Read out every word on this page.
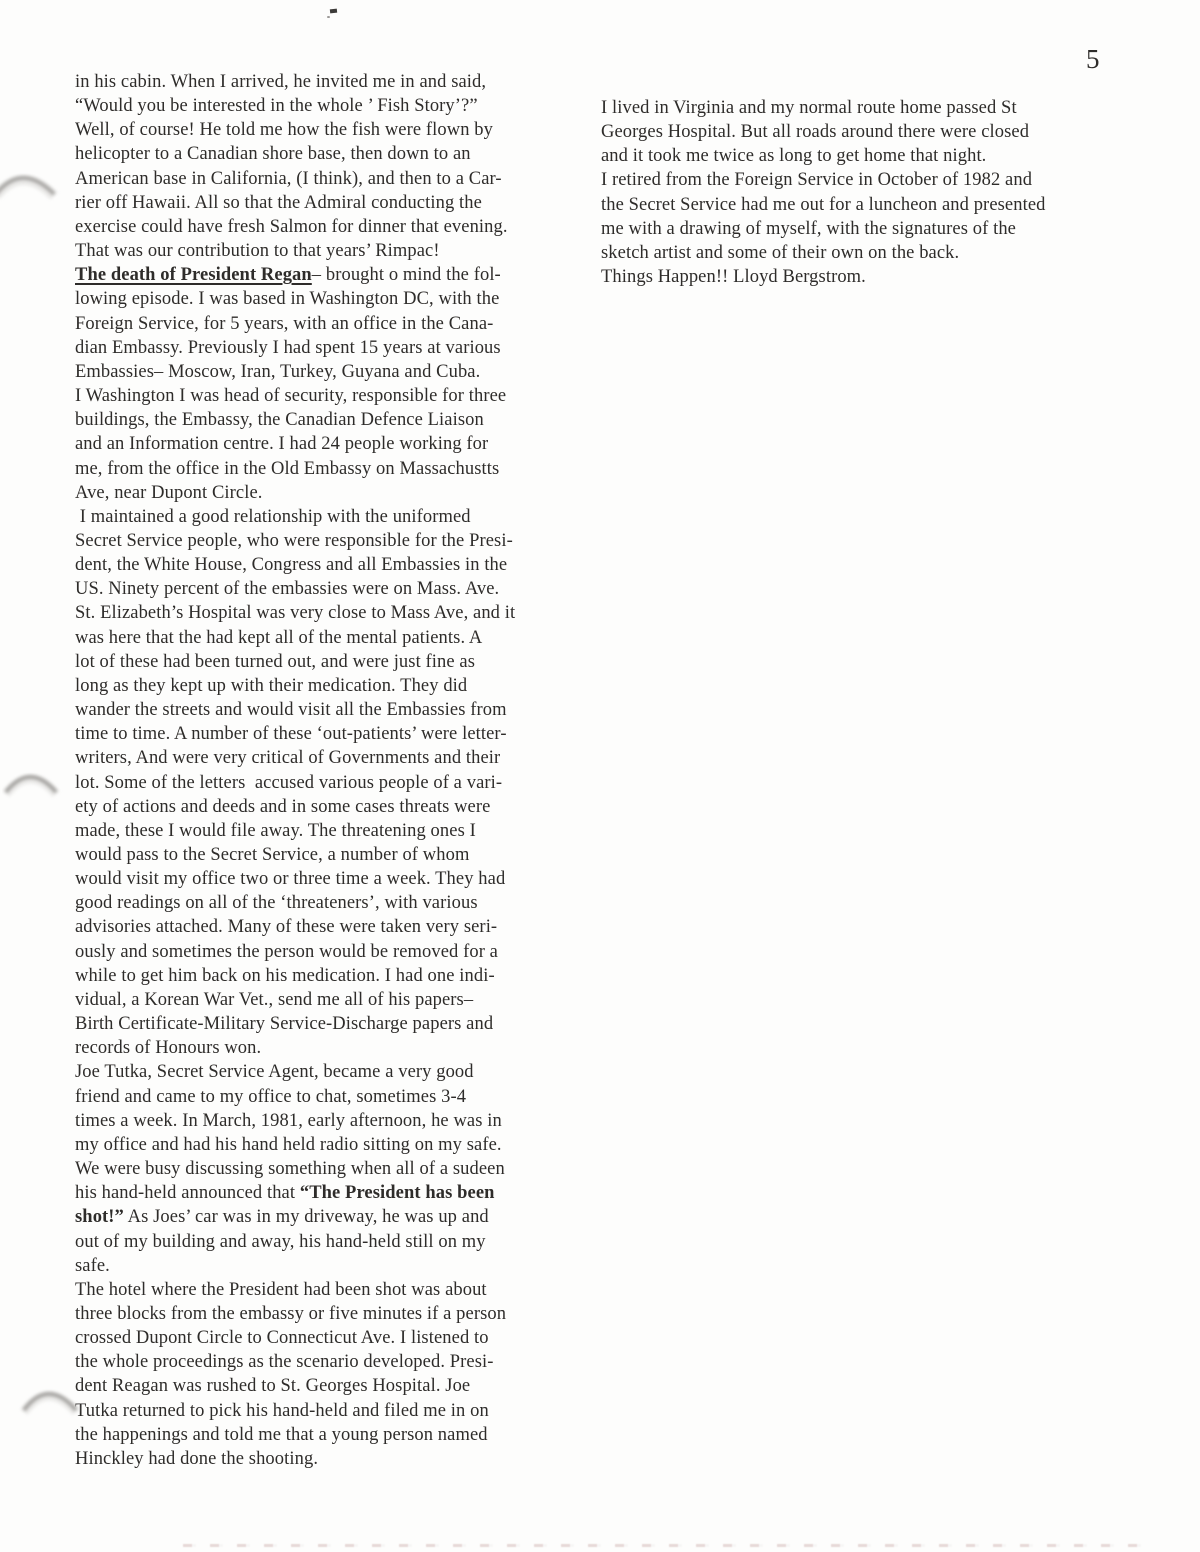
5
in his cabin. When I arrived, he invited me in and said,
“Would you be interested in the whole ’ Fish Story’?”
Well, of course! He told me how the fish were flown by
helicopter to a Canadian shore base, then down to an
American base in California, (I think), and then to a Car-
rier off Hawaii. All so that the Admiral conducting the
exercise could have fresh Salmon for dinner that evening.
That was our contribution to that years’ Rimpac!
The death of President Regan– brought o mind the fol-
lowing episode. I was based in Washington DC, with the
Foreign Service, for 5 years, with an office in the Cana-
dian Embassy. Previously I had spent 15 years at various
Embassies– Moscow, Iran, Turkey, Guyana and Cuba.
I Washington I was head of security, responsible for three
buildings, the Embassy, the Canadian Defence Liaison
and an Information centre. I had 24 people working for
me, from the office in the Old Embassy on Massachustts
Ave, near Dupont Circle.
I maintained a good relationship with the uniformed
Secret Service people, who were responsible for the Presi-
dent, the White House, Congress and all Embassies in the
US. Ninety percent of the embassies were on Mass. Ave.
St. Elizabeth’s Hospital was very close to Mass Ave, and it
was here that the had kept all of the mental patients. A
lot of these had been turned out, and were just fine as
long as they kept up with their medication. They did
wander the streets and would visit all the Embassies from
time to time. A number of these ‘out-patients’ were letter-
writers, And were very critical of Governments and their
lot. Some of the letters  accused various people of a vari-
ety of actions and deeds and in some cases threats were
made, these I would file away. The threatening ones I
would pass to the Secret Service, a number of whom
would visit my office two or three time a week. They had
good readings on all of the ‘threateners’, with various
advisories attached. Many of these were taken very seri-
ously and sometimes the person would be removed for a
while to get him back on his medication. I had one indi-
vidual, a Korean War Vet., send me all of his papers–
Birth Certificate-Military Service-Discharge papers and
records of Honours won.
Joe Tutka, Secret Service Agent, became a very good
friend and came to my office to chat, sometimes 3-4
times a week. In March, 1981, early afternoon, he was in
my office and had his hand held radio sitting on my safe.
We were busy discussing something when all of a sudeen
his hand-held announced that “The President has been
shot!” As Joes’ car was in my driveway, he was up and
out of my building and away, his hand-held still on my
safe.
The hotel where the President had been shot was about
three blocks from the embassy or five minutes if a person
crossed Dupont Circle to Connecticut Ave. I listened to
the whole proceedings as the scenario developed. Presi-
dent Reagan was rushed to St. Georges Hospital. Joe
Tutka returned to pick his hand-held and filed me in on
the happenings and told me that a young person named
Hinckley had done the shooting.
I lived in Virginia and my normal route home passed St
Georges Hospital. But all roads around there were closed
and it took me twice as long to get home that night.
I retired from the Foreign Service in October of 1982 and
the Secret Service had me out for a luncheon and presented
me with a drawing of myself, with the signatures of the
sketch artist and some of their own on the back.
Things Happen!! Lloyd Bergstrom.
